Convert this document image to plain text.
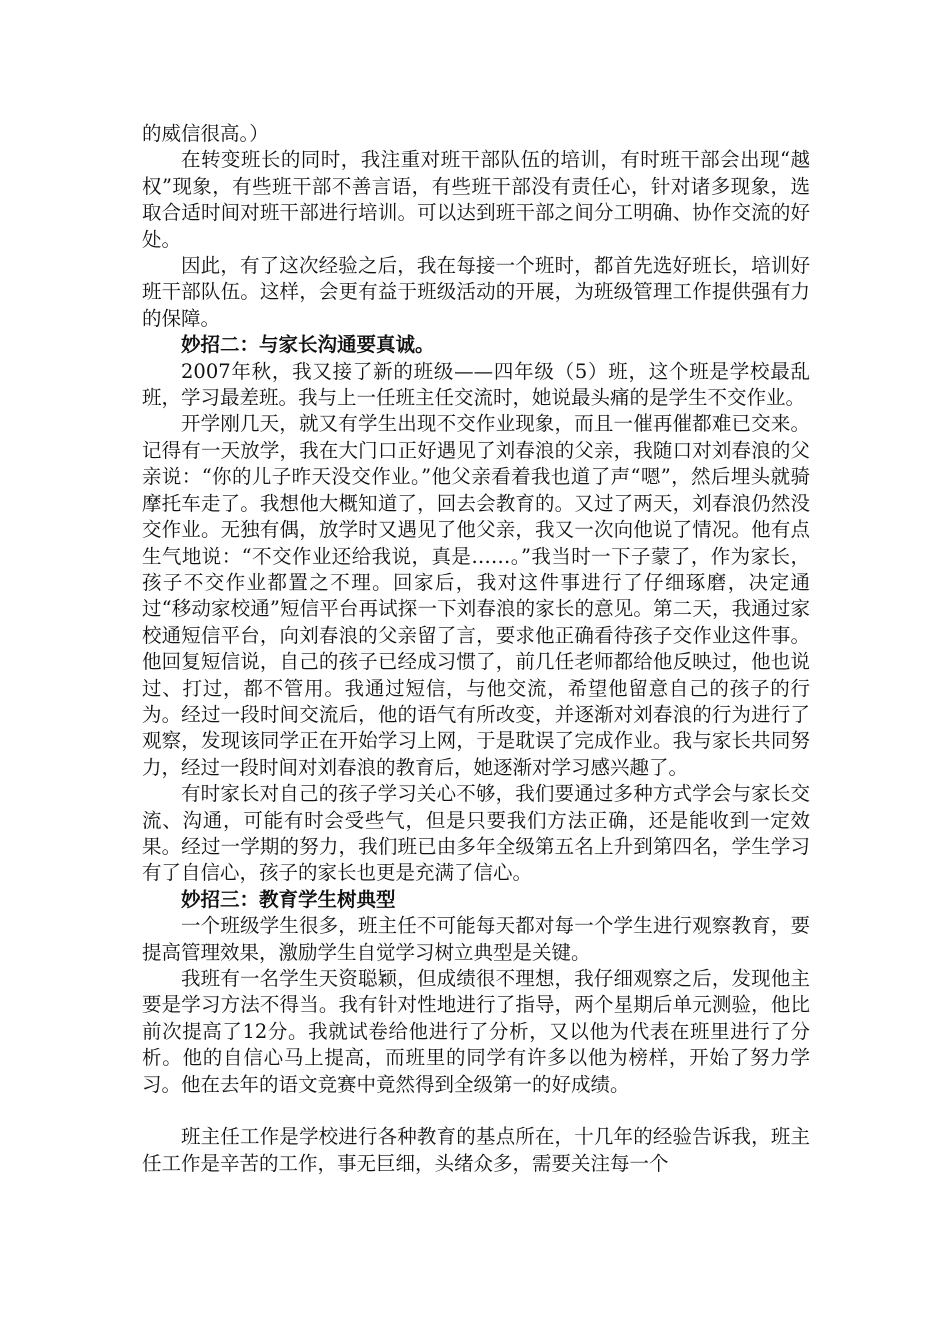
的威信很高。）

在转变班长的同时，我注重对班干部队伍的培训，有时班干部会出现“越权”现象，有些班干部不善言语，有些班干部没有责任心，针对诸多现象，选取合适时间对班干部进行培训。可以达到班干部之间分工明确、协作交流的好处。

因此，有了这次经验之后，我在每接一个班时，都首先选好班长，培训好班干部队伍。这样，会更有益于班级活动的开展，为班级管理工作提供强有力的保障。

妙招二：与家长沟通要真诚。

2007年秋，我又接了新的班级——四年级（5）班，这个班是学校最乱班，学习最差班。我与上一任班主任交流时，她说最头痛的是学生不交作业。

开学刚几天，就又有学生出现不交作业现象，而且一催再催都难已交来。记得有一天放学，我在大门口正好遇见了刘春浪的父亲，我随口对刘春浪的父亲说：“你的儿子昨天没交作业。”他父亲看着我也道了声“嗯”，然后埋头就骑摩托车走了。我想他大概知道了，回去会教育的。又过了两天，刘春浪仍然没交作业。无独有偶，放学时又遇见了他父亲，我又一次向他说了情况。他有点生气地说：“不交作业还给我说，真是……。”我当时一下子蒙了，作为家长，孩子不交作业都置之不理。回家后，我对这件事进行了仔细琢磨，决定通过“移动家校通”短信平台再试探一下刘春浪的家长的意见。第二天，我通过家校通短信平台，向刘春浪的父亲留了言，要求他正确看待孩子交作业这件事。他回复短信说，自己的孩子已经成习惯了，前几任老师都给他反映过，他也说过、打过，都不管用。我通过短信，与他交流，希望他留意自己的孩子的行为。经过一段时间交流后，他的语气有所改变，并逐渐对刘春浪的行为进行了观察，发现该同学正在开始学习上网，于是耽误了完成作业。我与家长共同努力，经过一段时间对刘春浪的教育后，她逐渐对学习感兴趣了。

有时家长对自己的孩子学习关心不够，我们要通过多种方式学会与家长交流、沟通，可能有时会受些气，但是只要我们方法正确，还是能收到一定效果。经过一学期的努力，我们班已由多年全级第五名上升到第四名，学生学习有了自信心，孩子的家长也更是充满了信心。

妙招三：教育学生树典型

一个班级学生很多，班主任不可能每天都对每一个学生进行观察教育，要提高管理效果，激励学生自觉学习树立典型是关键。

我班有一名学生天资聪颖，但成绩很不理想，我仔细观察之后，发现他主要是学习方法不得当。我有针对性地进行了指导，两个星期后单元测验，他比前次提高了12分。我就试卷给他进行了分析，又以他为代表在班里进行了分析。他的自信心马上提高，而班里的同学有许多以他为榜样，开始了努力学习。他在去年的语文竞赛中竟然得到全级第一的好成绩。

班主任工作是学校进行各种教育的基点所在，十几年的经验告诉我，班主任工作是辛苦的工作，事无巨细，头绪众多，需要关注每一个
